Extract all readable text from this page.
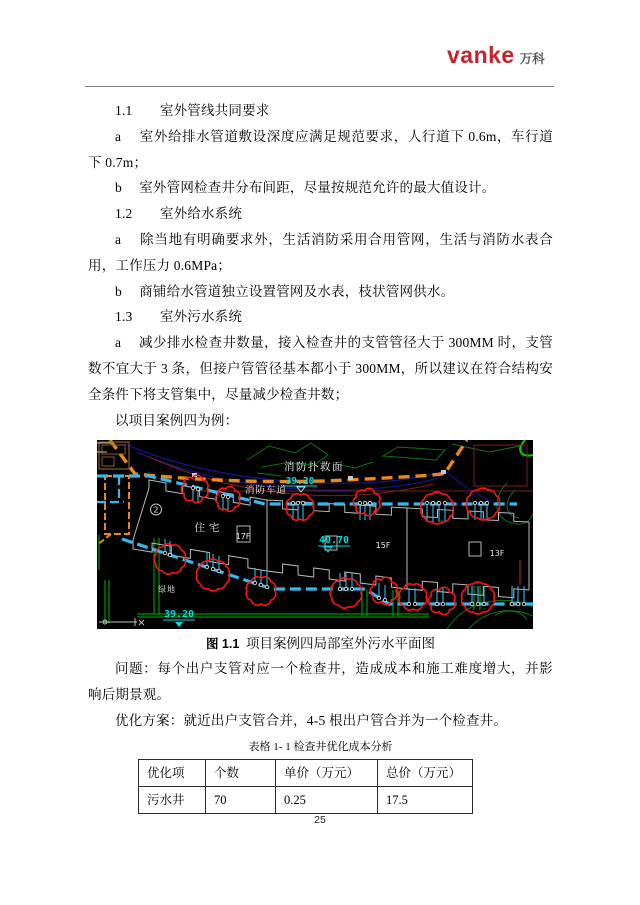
vanke 万科

1.1　　室外管线共同要求

a　 室外给排水管道敷设深度应满足规范要求，人行道下 0.6m，车行道下 0.7m；

b　 室外管网检查井分布间距，尽量按规范允许的最大值设计。

1.2　　室外给水系统

a　 除当地有明确要求外，生活消防采用合用管网，生活与消防水表合用，工作压力 0.6MPa；

b　 商铺给水管道独立设置管网及水表，枝状管网供水。

1.3　　室外污水系统

a　 减少排水检查井数量，接入检查井的支管管径大于 300MM 时，支管数不宜大于 3 条，但接户管管径基本都小于 300MM，所以建议在符合结构安全条件下将支管集中，尽量减少检查井数；

以项目案例四为例：

消防扑救面
消防车道
39.20
住宅
17F	40.70	15F
13F
绿地
39.20
2
图 1.1 项目案例四局部室外污水平面图

问题：每个出户支管对应一个检查井，造成成本和施工难度增大，并影响后期景观。

优化方案：就近出户支管合并，4-5 根出户管合并为一个检查井。

表格 1- 1 检查井优化成本分析
优化项	个数	单价（万元）	总价（万元）
污水井	70	0.25	17.5
25
